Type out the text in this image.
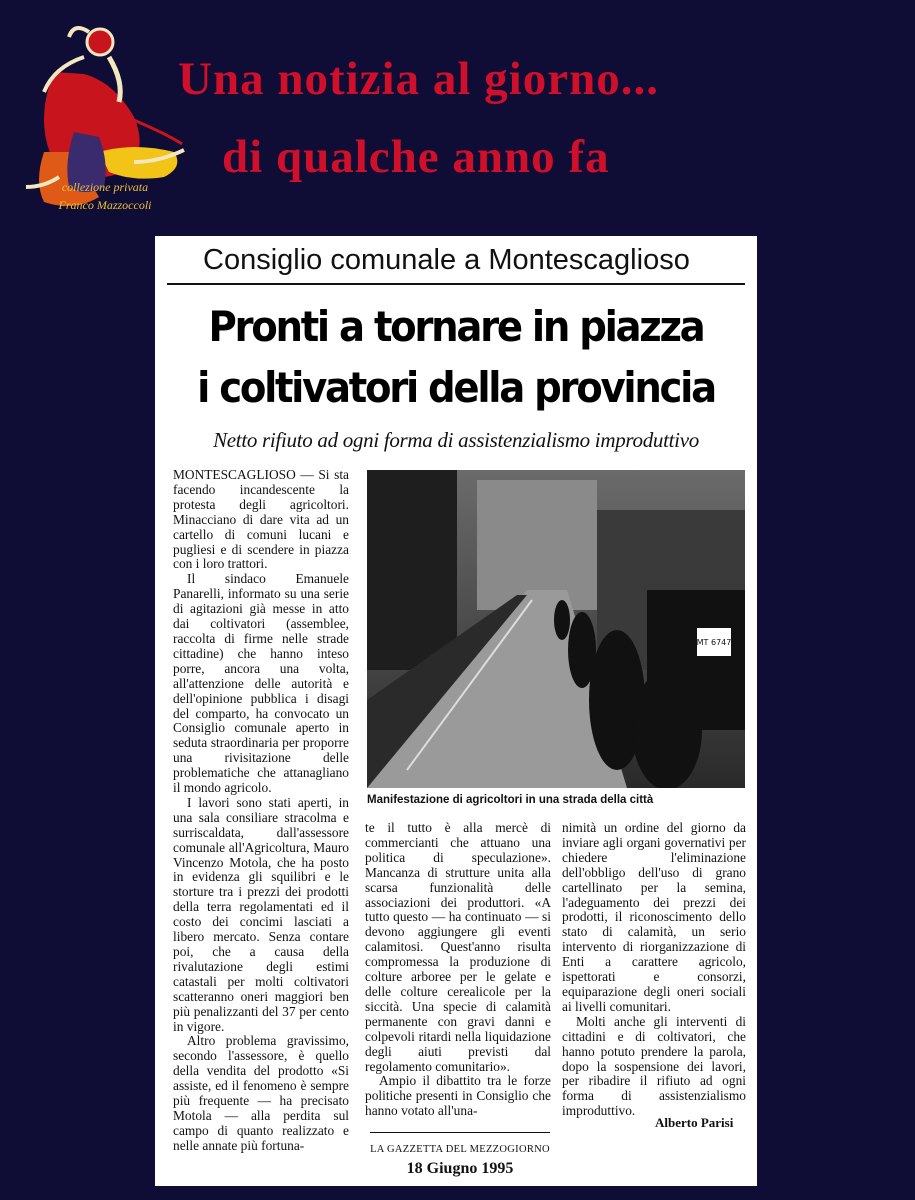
collezione privata
Franco Mazzoccoli
Una notizia al giorno...
di qualche anno fa
Consiglio comunale a Montescaglioso
Pronti a tornare in piazza
i coltivatori della provincia
Netto rifiuto ad ogni forma di assistenzialismo improduttivo

MONTESCAGLIOSO — Si sta facendo incandescente la protesta degli agricoltori. Minacciano di dare vita ad un cartello di comuni lucani e pugliesi e di scendere in piazza con i loro trattori.

Il sindaco Emanuele Panarelli, informato su una serie di agitazioni già messe in atto dai coltivatori (assemblee, raccolta di firme nelle strade cittadine) che hanno inteso porre, ancora una volta, all'attenzione delle autorità e dell'opinione pubblica i disagi del comparto, ha convocato un Consiglio comunale aperto in seduta straordinaria per proporre una rivisitazione delle problematiche che attanagliano il mondo agricolo.

I lavori sono stati aperti, in una sala consiliare stracolma e surriscaldata, dall'assessore comunale all'Agricoltura, Mauro Vincenzo Motola, che ha posto in evidenza gli squilibri e le storture tra i prezzi dei prodotti della terra regolamentati ed il costo dei concimi lasciati a libero mercato. Senza contare poi, che a causa della rivalutazione degli estimi catastali per molti coltivatori scatteranno oneri maggiori ben più penalizzanti del 37 per cento in vigore.

Altro problema gravissimo, secondo l'assessore, è quello della vendita del prodotto «Si assiste, ed il fenomeno è sempre più frequente — ha precisato Motola — alla perdita sul campo di quanto realizzato e nelle annate più fortuna-

MT 6747
Manifestazione di agricoltori in una strada della città

te il tutto è alla mercè di commercianti che attuano una politica di speculazione». Mancanza di strutture unita alla scarsa funzionalità delle associazioni dei produttori. «A tutto questo — ha continuato — si devono aggiungere gli eventi calamitosi. Quest'anno risulta compromessa la produzione di colture arboree per le gelate e delle colture cerealicole per la siccità. Una specie di calamità permanente con gravi danni e colpevoli ritardi nella liquidazione degli aiuti previsti dal regolamento comunitario».

Ampio il dibattito tra le forze politiche presenti in Consiglio che hanno votato all'una-

nimità un ordine del giorno da inviare agli organi governativi per chiedere l'eliminazione dell'obbligo dell'uso di grano cartellinato per la semina, l'adeguamento dei prezzi dei prodotti, il riconoscimento dello stato di calamità, un serio intervento di riorganizzazione di Enti a carattere agricolo, ispettorati e consorzi, equiparazione degli oneri sociali ai livelli comunitari.

Molti anche gli interventi di cittadini e di coltivatori, che hanno potuto prendere la parola, dopo la sospensione dei lavori, per ribadire il rifiuto ad ogni forma di assistenzialismo improduttivo.

Alberto Parisi
LA GAZZETTA DEL MEZZOGIORNO
18 Giugno 1995
